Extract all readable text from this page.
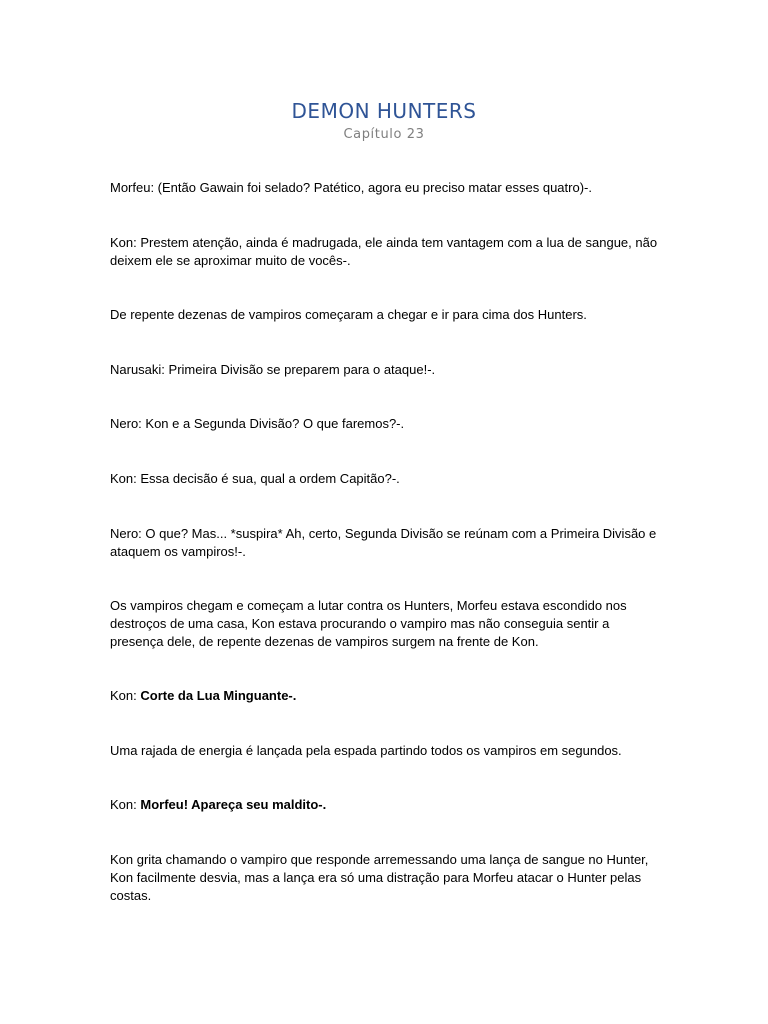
DEMON HUNTERS
Capítulo 23
Morfeu: (Então Gawain foi selado? Patético, agora eu preciso matar esses quatro)-.
Kon: Prestem atenção, ainda é madrugada, ele ainda tem vantagem com a lua de sangue, não deixem ele se aproximar muito de vocês-.
De repente dezenas de vampiros começaram a chegar e ir para cima dos Hunters.
Narusaki: Primeira Divisão se preparem para o ataque!-.
Nero: Kon e a Segunda Divisão? O que faremos?-.
Kon: Essa decisão é sua, qual a ordem Capitão?-.
Nero: O que? Mas... *suspira* Ah, certo, Segunda Divisão se reúnam com a Primeira Divisão e ataquem os vampiros!-.
Os vampiros chegam e começam a lutar contra os Hunters, Morfeu estava escondido nos destroços de uma casa, Kon estava procurando o vampiro mas não conseguia sentir a presença dele, de repente dezenas de vampiros surgem na frente de Kon.
Kon: Corte da Lua Minguante-.
Uma rajada de energia é lançada pela espada partindo todos os vampiros em segundos.
Kon: Morfeu! Apareça seu maldito-.
Kon grita chamando o vampiro que responde arremessando uma lança de sangue no Hunter, Kon facilmente desvia, mas a lança era só uma distração para Morfeu atacar o Hunter pelas costas.
